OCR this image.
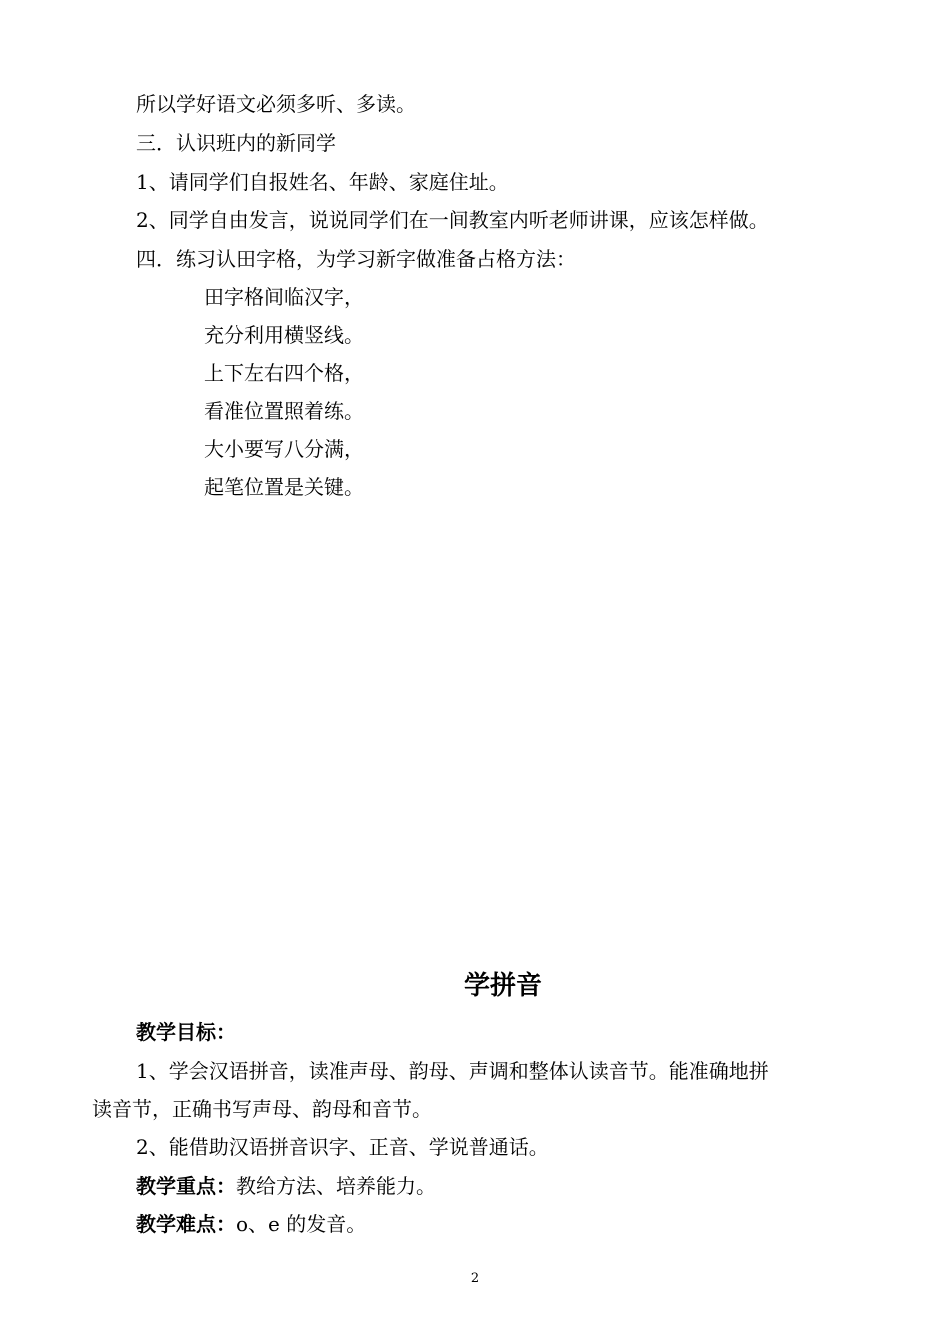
所以学好语文必须多听、多读。
三．认识班内的新同学
1、请同学们自报姓名、年龄、家庭住址。
2、同学自由发言，说说同学们在一间教室内听老师讲课，应该怎样做。
四．练习认田字格，为学习新字做准备占格方法：
田字格间临汉字，
充分利用横竖线。
上下左右四个格，
看准位置照着练。
大小要写八分满，
起笔位置是关键。
学拼音
教学目标：
1、学会汉语拼音，读准声母、韵母、声调和整体认读音节。能准确地拼
读音节，正确书写声母、韵母和音节。
2、能借助汉语拼音识字、正音、学说普通话。
教学重点：教给方法、培养能力。
教学难点：o、e 的发音。
2
